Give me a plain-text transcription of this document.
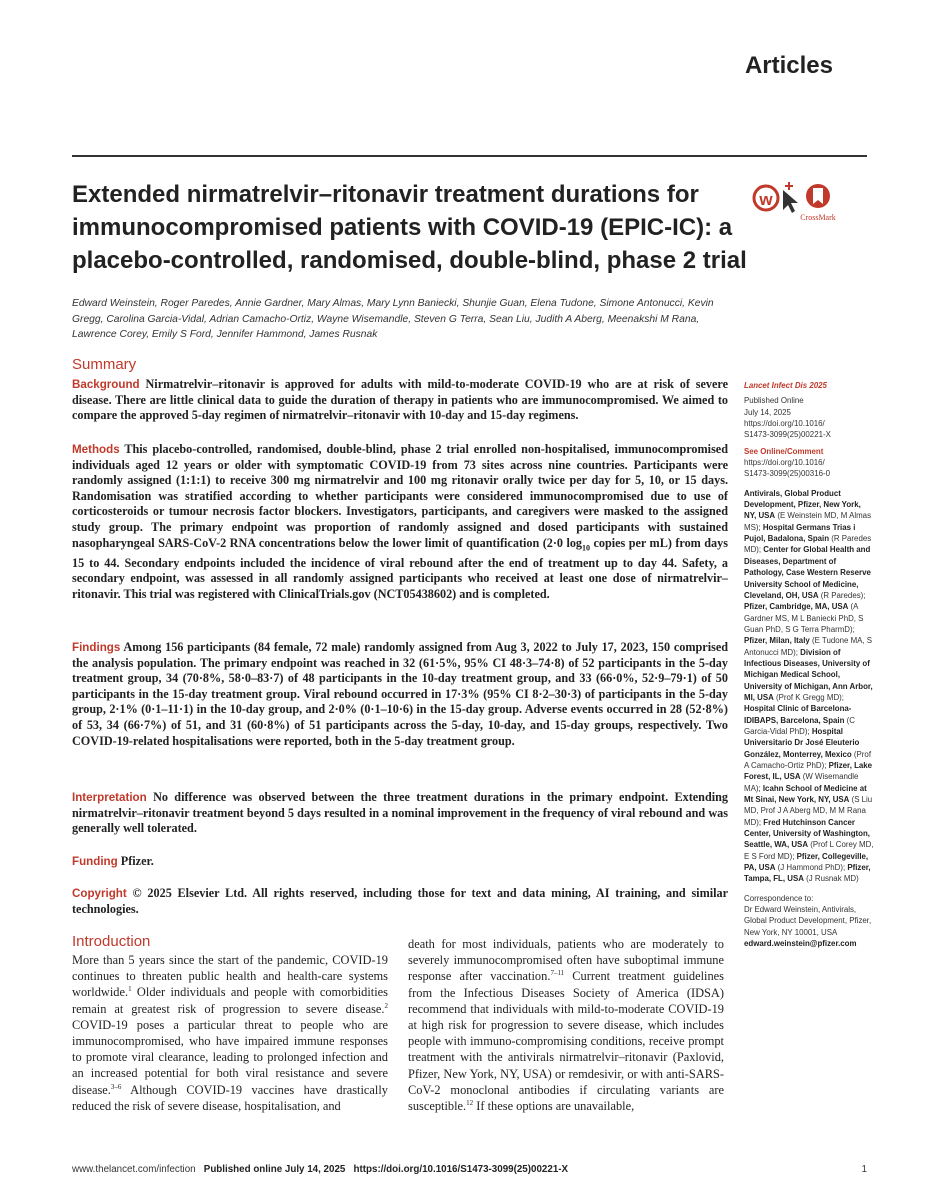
Articles
Extended nirmatrelvir–ritonavir treatment durations for immunocompromised patients with COVID-19 (EPIC-IC): a placebo-controlled, randomised, double-blind, phase 2 trial
w
CrossMark
Edward Weinstein, Roger Paredes, Annie Gardner, Mary Almas, Mary Lynn Baniecki, Shunjie Guan, Elena Tudone, Simone Antonucci, Kevin Gregg, Carolina Garcia-Vidal, Adrian Camacho-Ortiz, Wayne Wisemandle, Steven G Terra, Sean Liu, Judith A Aberg, Meenakshi M Rana, Lawrence Corey, Emily S Ford, Jennifer Hammond, James Rusnak
Summary
Background Nirmatrelvir–ritonavir is approved for adults with mild-to-moderate COVID-19 who are at risk of severe disease. There are little clinical data to guide the duration of therapy in patients who are immunocompromised. We aimed to compare the approved 5-day regimen of nirmatrelvir–ritonavir with 10-day and 15-day regimens.
Methods This placebo-controlled, randomised, double-blind, phase 2 trial enrolled non-hospitalised, immunocompromised individuals aged 12 years or older with symptomatic COVID-19 from 73 sites across nine countries. Participants were randomly assigned (1:1:1) to receive 300 mg nirmatrelvir and 100 mg ritonavir orally twice per day for 5, 10, or 15 days. Randomisation was stratified according to whether participants were considered immunocompromised due to use of corticosteroids or tumour necrosis factor blockers. Investigators, participants, and caregivers were masked to the assigned study group. The primary endpoint was proportion of randomly assigned and dosed participants with sustained nasopharyngeal SARS-CoV-2 RNA concentrations below the lower limit of quantification (2·0 $\log_{10}$ copies per mL) from days 15 to 44. Secondary endpoints included the incidence of viral rebound after the end of treatment up to day 44. Safety, a secondary endpoint, was assessed in all randomly assigned participants who received at least one dose of nirmatrelvir–ritonavir. This trial was registered with ClinicalTrials.gov (NCT05438602) and is completed.
Findings Among 156 participants (84 female, 72 male) randomly assigned from Aug 3, 2022 to July 17, 2023, 150 comprised the analysis population. The primary endpoint was reached in 32 (61·5%, 95% CI 48·3–74·8) of 52 participants in the 5-day treatment group, 34 (70·8%, 58·0–83·7) of 48 participants in the 10-day treatment group, and 33 (66·0%, 52·9–79·1) of 50 participants in the 15-day treatment group. Viral rebound occurred in 17·3% (95% CI 8·2–30·3) of participants in the 5-day group, 2·1% (0·1–11·1) in the 10-day group, and 2·0% (0·1–10·6) in the 15-day group. Adverse events occurred in 28 (52·8%) of 53, 34 (66·7%) of 51, and 31 (60·8%) of 51 participants across the 5-day, 10-day, and 15-day groups, respectively. Two COVID-19-related hospitalisations were reported, both in the 5-day treatment group.
Interpretation No difference was observed between the three treatment durations in the primary endpoint. Extending nirmatrelvir–ritonavir treatment beyond 5 days resulted in a nominal improvement in the frequency of viral rebound and was generally well tolerated.
Funding Pfizer.
Copyright © 2025 Elsevier Ltd. All rights reserved, including those for text and data mining, AI training, and similar technologies.
Introduction
More than 5 years since the start of the pandemic, COVID-19 continues to threaten public health and health-care systems worldwide.$^1$ Older individuals and people with comorbidities remain at greatest risk of progression to severe disease.$^2$ COVID-19 poses a particular threat to people who are immunocompromised, who have impaired immune responses to promote viral clearance, leading to prolonged infection and an increased potential for both viral resistance and severe disease.$^{3-6}$ Although COVID-19 vaccines have drastically reduced the risk of severe disease, hospitalisation, and
death for most individuals, patients who are moderately to severely immunocompromised often have suboptimal immune response after vaccination.$^{7-11}$ Current treatment guidelines from the Infectious Diseases Society of America (IDSA) recommend that individuals with mild-to-moderate COVID-19 at high risk for progression to severe disease, which includes people with immuno-compromising conditions, receive prompt treatment with the antivirals nirmatrelvir–ritonavir (Paxlovid, Pfizer, New York, NY, USA) or remdesivir, or with anti-SARS-CoV-2 monoclonal antibodies if circulating variants are susceptible.$^{12}$ If these options are unavailable,

Lancet Infect Dis 2025

Published Online

July 14, 2025

https://doi.org/10.1016/
S1473-3099(25)00221-X

See Online/Comment

https://doi.org/10.1016/
S1473-3099(25)00316-0

Antivirals, Global Product Development, Pfizer, New York, NY, USA (E Weinstein MD, M Almas MS); Hospital Germans Trias i Pujol, Badalona, Spain (R Paredes MD); Center for Global Health and Diseases, Department of Pathology, Case Western Reserve University School of Medicine, Cleveland, OH, USA (R Paredes); Pfizer, Cambridge, MA, USA (A Gardner MS, M L Baniecki PhD, S Guan PhD, S G Terra PharmD); Pfizer, Milan, Italy (E Tudone MA, S Antonucci MD); Division of Infectious Diseases, University of Michigan Medical School, University of Michigan, Ann Arbor, MI, USA (Prof K Gregg MD); Hospital Clinic of Barcelona-IDIBAPS, Barcelona, Spain (C Garcia-Vidal PhD); Hospital Universitario Dr José Eleuterio González, Monterrey, Mexico (Prof A Camacho-Ortiz PhD); Pfizer, Lake Forest, IL, USA (W Wisemandle MA); Icahn School of Medicine at Mt Sinai, New York, NY, USA (S Liu MD, Prof J A Aberg MD, M M Rana MD); Fred Hutchinson Cancer Center, University of Washington, Seattle, WA, USA (Prof L Corey MD, E S Ford MD); Pfizer, Collegeville, PA, USA (J Hammond PhD); Pfizer, Tampa, FL, USA (J Rusnak MD)

Correspondence to:

Dr Edward Weinstein, Antivirals, Global Product Development, Pfizer, New York, NY 10001, USA

edward.weinstein@pfizer.com

www.thelancet.com/infection Published online July 14, 2025 https://doi.org/10.1016/S1473-3099(25)00221-X	1
